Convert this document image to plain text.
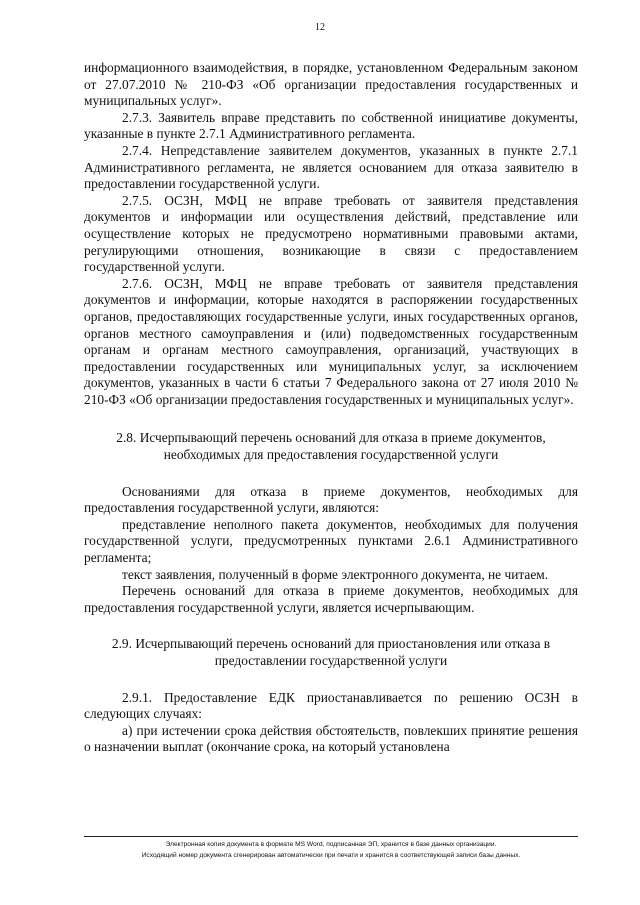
12

информационного взаимодействия, в порядке, установленном Федеральным законом от 27.07.2010 № 210-ФЗ «Об организации предоставления государственных и муниципальных услуг».

2.7.3. Заявитель вправе представить по собственной инициативе документы, указанные в пункте 2.7.1 Административного регламента.

2.7.4. Непредставление заявителем документов, указанных в пункте 2.7.1 Административного регламента, не является основанием для отказа заявителю в предоставлении государственной услуги.

2.7.5. ОСЗН, МФЦ не вправе требовать от заявителя представления документов и информации или осуществления действий, представление или осуществление которых не предусмотрено нормативными правовыми актами, регулирующими отношения, возникающие в связи с предоставлением государственной услуги.

2.7.6. ОСЗН, МФЦ не вправе требовать от заявителя представления документов и информации, которые находятся в распоряжении государственных органов, предоставляющих государственные услуги, иных государственных органов, органов местного самоуправления и (или) подведомственных государственным органам и органам местного самоуправления, организаций, участвующих в предоставлении государственных или муниципальных услуг, за исключением документов, указанных в части 6 статьи 7 Федерального закона от 27 июля 2010 № 210-ФЗ «Об организации предоставления государственных и муниципальных услуг».

2.8. Исчерпывающий перечень оснований для отказа в приеме документов, необходимых для предоставления государственной услуги

Основаниями для отказа в приеме документов, необходимых для предоставления государственной услуги, являются:

представление неполного пакета документов, необходимых для получения государственной услуги, предусмотренных пунктами 2.6.1 Административного регламента;

текст заявления, полученный в форме электронного документа, не читаем.

Перечень оснований для отказа в приеме документов, необходимых для предоставления государственной услуги, является исчерпывающим.

2.9. Исчерпывающий перечень оснований для приостановления или отказа в предоставлении государственной услуги

2.9.1. Предоставление ЕДК приостанавливается по решению ОСЗН в следующих случаях:

а) при истечении срока действия обстоятельств, повлекших принятие решения о назначении выплат (окончание срока, на который установлена

Электронная копия документа в формате MS Word, подписанная ЭП, хранится в базе данных организации.
Исходящий номер документа сгенерирован автоматически при печати и хранится в соответствующей записи базы данных.
